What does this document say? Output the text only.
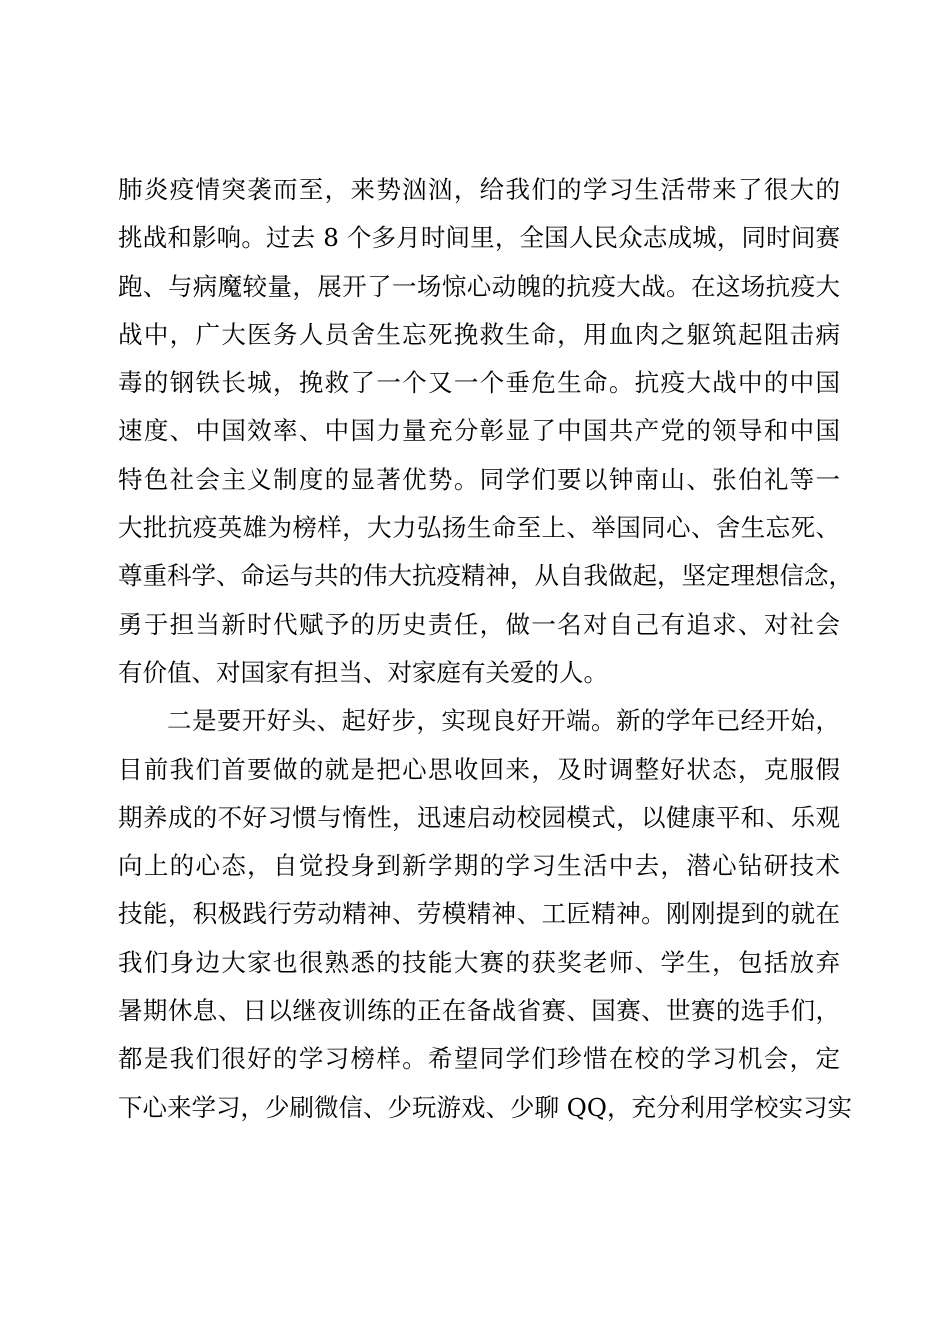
肺炎疫情突袭而至，来势汹汹，给我们的学习生活带来了很大的
挑战和影响。过去 8 个多月时间里，全国人民众志成城，同时间赛
跑、与病魔较量，展开了一场惊心动魄的抗疫大战。在这场抗疫大
战中，广大医务人员舍生忘死挽救生命，用血肉之躯筑起阻击病
毒的钢铁长城，挽救了一个又一个垂危生命。抗疫大战中的中国
速度、中国效率、中国力量充分彰显了中国共产党的领导和中国
特色社会主义制度的显著优势。同学们要以钟南山、张伯礼等一
大批抗疫英雄为榜样，大力弘扬生命至上、举国同心、舍生忘死、
尊重科学、命运与共的伟大抗疫精神，从自我做起，坚定理想信念，
勇于担当新时代赋予的历史责任，做一名对自己有追求、对社会
有价值、对国家有担当、对家庭有关爱的人。
二是要开好头、起好步，实现良好开端。新的学年已经开始，
目前我们首要做的就是把心思收回来，及时调整好状态，克服假
期养成的不好习惯与惰性，迅速启动校园模式，以健康平和、乐观
向上的心态，自觉投身到新学期的学习生活中去，潜心钻研技术
技能，积极践行劳动精神、劳模精神、工匠精神。刚刚提到的就在
我们身边大家也很熟悉的技能大赛的获奖老师、学生，包括放弃
暑期休息、日以继夜训练的正在备战省赛、国赛、世赛的选手们，
都是我们很好的学习榜样。希望同学们珍惜在校的学习机会，定
下心来学习，少刷微信、少玩游戏、少聊 QQ，充分利用学校实习实
